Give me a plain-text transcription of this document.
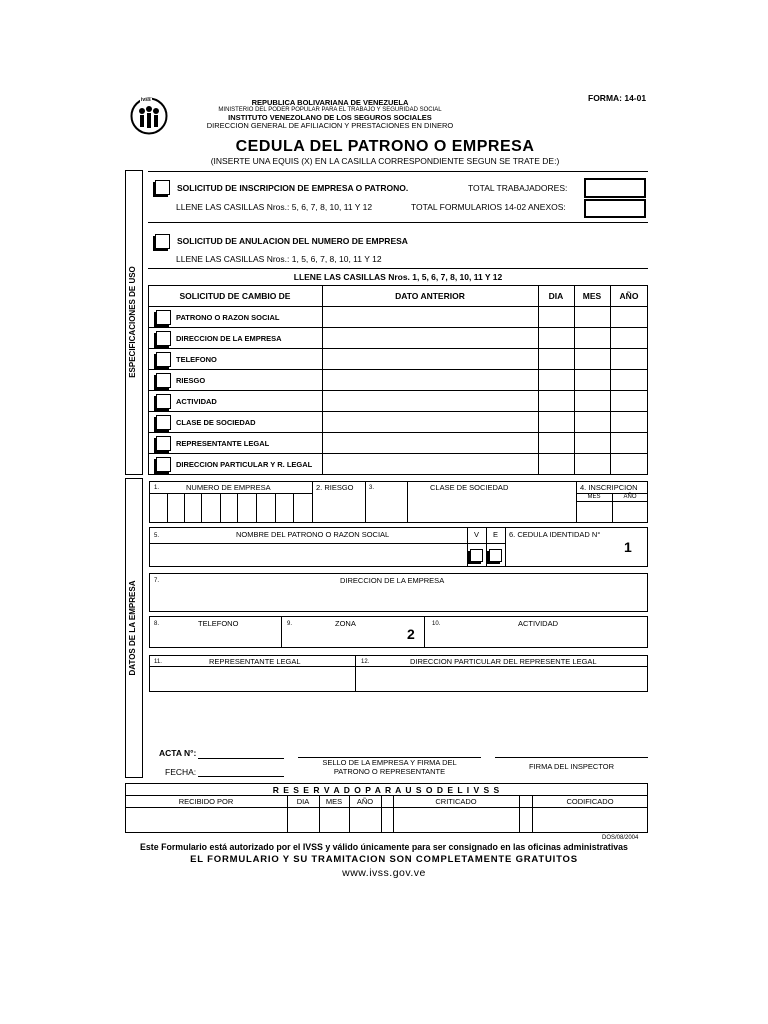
FORMA: 14-01
ivss	REPUBLICA BOLIVARIANA DE VENEZUELA
MINISTERIO DEL PODER POPULAR PARA EL TRABAJO Y SEGURIDAD SOCIAL
INSTITUTO VENEZOLANO DE LOS SEGUROS SOCIALES
DIRECCION GENERAL DE AFILIACION Y PRESTACIONES EN DINERO
CEDULA DEL PATRONO O EMPRESA
(INSERTE UNA EQUIS (X) EN LA CASILLA CORRESPONDIENTE SEGUN SE TRATE DE:)
ESPECIFICACIONES DE USO
DATOS DE LA EMPRESA
SOLICITUD DE INSCRIPCION DE EMPRESA O PATRONO.
LLENE LAS CASILLAS Nros.: 5, 6, 7, 8, 10, 11 Y 12
TOTAL TRABAJADORES:
TOTAL FORMULARIOS 14-02 ANEXOS:
SOLICITUD DE ANULACION DEL NUMERO DE EMPRESA
LLENE LAS CASILLAS Nros.: 1, 5, 6, 7, 8, 10, 11 Y 12
LLENE LAS CASILLAS Nros. 1, 5, 6, 7, 8, 10, 11 Y 12
SOLICITUD DE CAMBIO DE	DATO ANTERIOR	DIA	MES	AÑO
PATRONO O RAZON SOCIAL
DIRECCION DE LA EMPRESA
TELEFONO
RIESGO
ACTIVIDAD
CLASE DE SOCIEDAD
REPRESENTANTE LEGAL
DIRECCION PARTICULAR Y R. LEGAL
1.	NUMERO DE EMPRESA	2. RIESGO	3.	CLASE DE SOCIEDAD	4. INSCRIPCION
MES	AÑO
5.	NOMBRE DEL PATRONO O RAZON SOCIAL	V	E	6. CEDULA IDENTIDAD N°
1
7.	DIRECCION DE LA EMPRESA
8.	TELEFONO	9.	ZONA
2
10.	ACTIVIDAD
11.	REPRESENTANTE LEGAL	12.	DIRECCION PARTICULAR DEL REPRESENTE LEGAL
ACTA N°:
FECHA:
SELLO DE LA EMPRESA Y FIRMA DEL
PATRONO O REPRESENTANTE
FIRMA DEL INSPECTOR
R E S E R V A D O P A R A U S O D E L I V S S
RECIBIDO POR	DIA	MES	AÑO	CRITICADO	CODIFICADO
DOS/08/2004
Este Formulario está autorizado por el IVSS y válido únicamente para ser consignado en las oficinas administrativas
EL FORMULARIO Y SU TRAMITACION SON COMPLETAMENTE GRATUITOS
www.ivss.gov.ve
